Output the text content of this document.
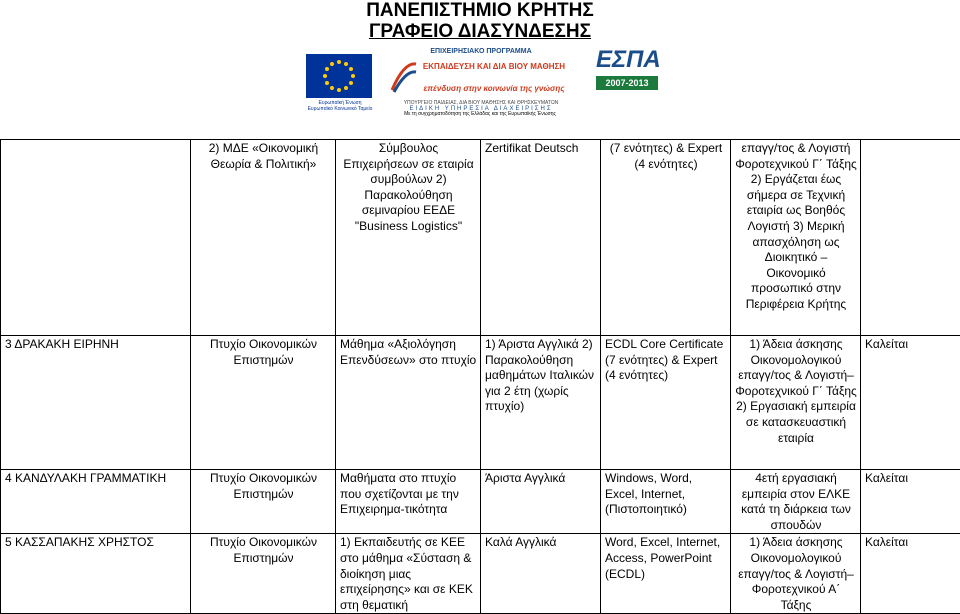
ΠΑΝΕΠΙΣΤΗΜΙΟ ΚΡΗΤΗΣ
ΓΡΑΦΕΙΟ ΔΙΑΣΥΝΔΕΣΗΣ
Ευρωπαϊκή Ένωση
Ευρωπαϊκό Κοινωνικό Ταμείο
ΕΠΙΧΕΙΡΗΣΙΑΚΟ ΠΡΟΓΡΑΜΜΑ
ΕΚΠΑΙΔΕΥΣΗ ΚΑΙ ΔΙΑ ΒΙΟΥ ΜΑΘΗΣΗ
επένδυση στην κοινωνία της γνώσης
ΥΠΟΥΡΓΕΙΟ ΠΑΙΔΕΙΑΣ, ΔΙΑ ΒΙΟΥ ΜΑΘΗΣΗΣ ΚΑΙ ΘΡΗΣΚΕΥΜΑΤΩΝ
ΕΙΔΙΚΗ ΥΠΗΡΕΣΙΑ ΔΙΑΧΕΙΡΙΣΗΣ
ΕΣΠΑ
2007-2013
Με τη συγχρηματοδότηση της Ελλάδας και της Ευρωπαϊκής Ένωσης
	2) ΜΔΕ «Οικονομική Θεωρία & Πολιτική»	Σύμβουλος Επιχειρήσεων σε εταιρία συμβούλων 2) Παρακολούθηση σεμιναρίου ΕΕΔΕ "Business Logistics"	Zertifikat Deutsch	(7 ενότητες) & Expert (4 ενότητες)	επαγγ/τος & Λογιστή Φοροτεχνικού Γ΄ Τάξης 2) Εργάζεται έως σήμερα σε Τεχνική εταιρία ως Βοηθός Λογιστή 3) Μερική απασχόληση ως Διοικητικό – Οικονομικό προσωπικό στην Περιφέρεια Κρήτης	
3 ΔΡΑΚΑΚΗ ΕΙΡΗΝΗ	Πτυχίο Οικονομικών Επιστημών	Μάθημα «Αξιολόγηση Επενδύσεων» στο πτυχίο	1) Άριστα Αγγλικά 2) Παρακολούθηση μαθημάτων Ιταλικών για 2 έτη (χωρίς πτυχίο)	ECDL Core Certificate (7 ενότητες) & Expert (4 ενότητες)	1) Άδεια άσκησης Οικονομολογικού επαγγ/τος & Λογιστή– Φοροτεχνικού Γ΄ Τάξης 2) Εργασιακή εμπειρία σε κατασκευαστική εταιρία	Καλείται
4 ΚΑΝΔΥΛΑΚΗ ΓΡΑΜΜΑΤΙΚΗ	Πτυχίο Οικονομικών Επιστημών	Μαθήματα στο πτυχίο που σχετίζονται με την Επιχειρημα-τικότητα	Άριστα Αγγλικά	Windows, Word, Excel, Internet, (Πιστοποιητικό)	4ετή εργασιακή εμπειρία στον ΕΛΚΕ κατά τη διάρκεια των σπουδών	Καλείται
5 ΚΑΣΣΑΠΑΚΗΣ ΧΡΗΣΤΟΣ	Πτυχίο Οικονομικών Επιστημών	1) Εκπαιδευτής σε ΚΕΕ στο μάθημα «Σύσταση & διοίκηση μιας επιχείρησης» και σε ΚΕΚ στη θεματική	Καλά Αγγλικά	Word, Excel, Internet, Access, PowerPoint (ECDL)	1) Άδεια άσκησης Οικονομολογικού επαγγ/τος & Λογιστή– Φοροτεχνικού Α΄ Τάξης	Καλείται
